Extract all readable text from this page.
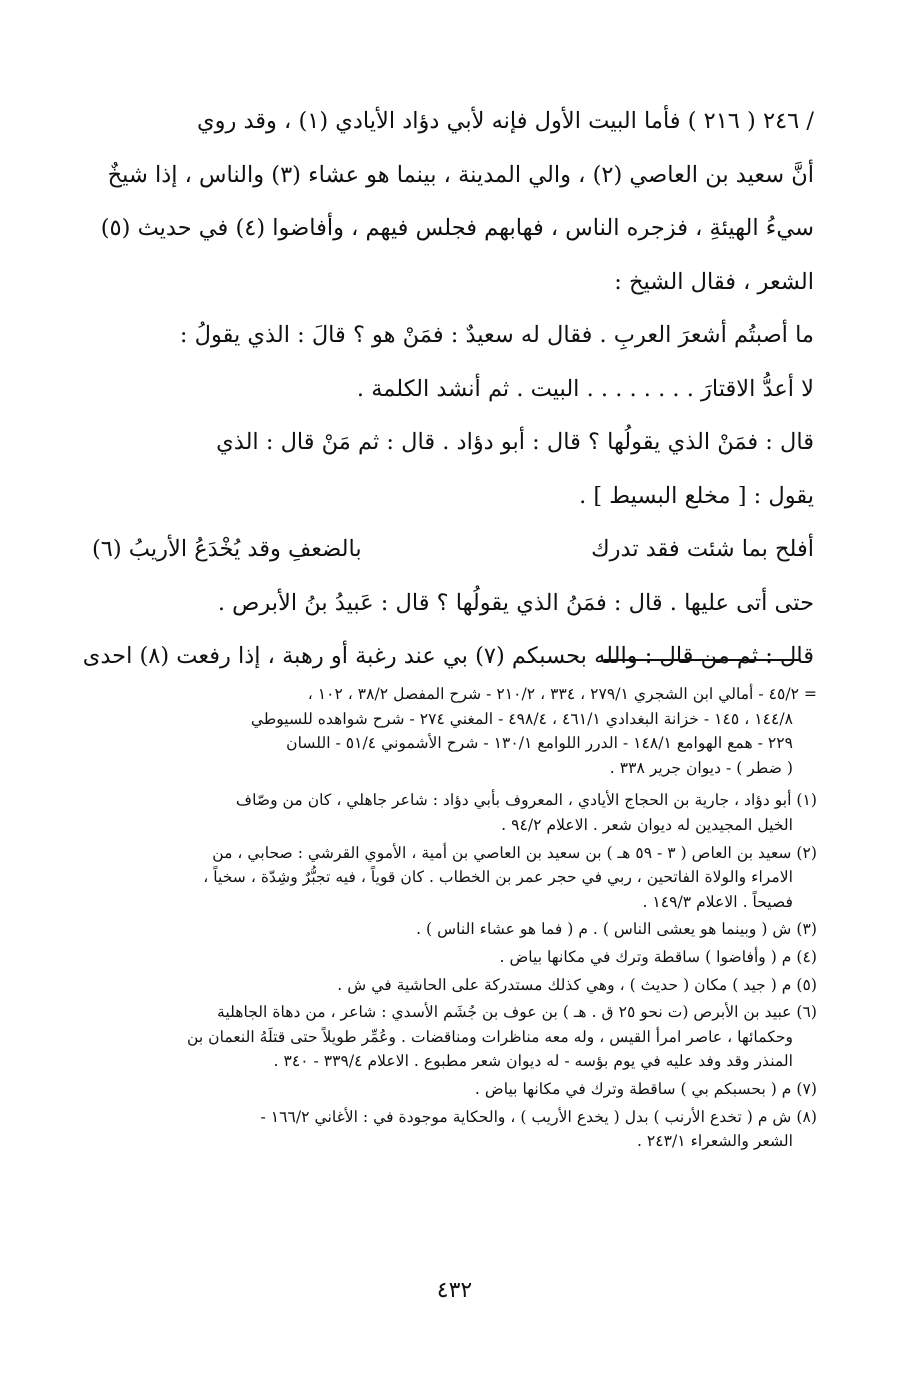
/ ٢٤٦ ( ٢١٦ ) فأما البيت الأول فإنه لأبي دؤاد الأيادي (١) ، وقد روي

أنَّ سعيد بن العاصي (٢) ، والي المدينة ، بينما هو عشاء (٣) والناس ، إذا شيخٌ

سيءُ الهيئةِ ، فزجره الناس ، فهابهم فجلس فيهم ، وأفاضوا (٤) في حديث (٥)

الشعر ، فقال الشيخ :

ما أصبتُم أشعرَ العربِ . فقال له سعيدٌ : فمَنْ هو ؟ قالَ : الذي يقولُ :

لا أعدُّ الاقتارَ . . . . . . . . البيت . ثم أنشد الكلمة .

قال : فمَنْ الذي يقولُها ؟ قال : أبو دؤاد . قال : ثم مَنْ قال : الذي

يقول : [ مخلع البسيط ] .

أفلح بما شئت فقد تدرك
بالضعفِ وقد يُخْدَعُ الأريبُ (٦)

حتى أتى عليها . قال : فمَنُ الذي يقولُها ؟ قال : عَبيدُ بنُ الأبرص .

قال : ثم من قال : والله بحسبكم (٧) بي عند رغبة أو رهبة ، إذا رفعت (٨) احدى

= ٤٥/٢ - أمالي ابن الشجري ٢٧٩/١ ، ٣٣٤ ، ٢١٠/٢ - شرح المفصل ٣٨/٢ ، ١٠٢ ،

١٤٤/٨ ، ١٤٥ - خزانة البغدادي ٤٦١/١ ، ٤٩٨/٤ - المغني ٢٧٤ - شرح شواهده للسيوطي

٢٢٩ - همع الهوامع ١٤٨/١ - الدرر اللوامع ١٣٠/١ - شرح الأشموني ٥١/٤ - اللسان

( ضطر ) - ديوان جرير ٣٣٨ .

(١) أبو دؤاد ، جارية بن الحجاج الأيادي ، المعروف بأبي دؤاد : شاعر جاهلي ، كان من وصّاف

الخيل المجيدين له ديوان شعر . الاعلام ٩٤/٢ .

(٢) سعيد بن العاص ( ٣ - ٥٩ هـ ) بن سعيد بن العاصي بن أمية ، الأموي القرشي : صحابي ، من

الامراء والولاة الفاتحين ، ربي في حجر عمر بن الخطاب . كان قوياً ، فيه تجبُّرٌ وشِدّة ، سخياً ،

فصيحاً . الاعلام ١٤٩/٣ .

(٣) ش ( وبينما هو يعشى الناس ) . م ( فما هو عشاء الناس ) .

(٤) م ( وأفاضوا ) ساقطة وترك في مكانها بياض .

(٥) م ( جيد ) مكان ( حديث ) ، وهي كذلك مستدركة على الحاشية في ش .

(٦) عبيد بن الأبرص (ت نحو ٢٥ ق . هـ ) بن عوف بن جُشَم الأسدي : شاعر ، من دهاة الجاهلية

وحكمائها ، عاصر امرأ القيس ، وله معه مناظرات ومناقضات . وعُمِّر طويلاً حتى قتلَهُ النعمان بن

المنذر وقد وفد عليه في يوم بؤسه - له ديوان شعر مطبوع . الاعلام ٣٣٩/٤ - ٣٤٠ .

(٧) م ( بحسبكم بي ) ساقطة وترك في مكانها بياض .

(٨) ش م ( تخدع الأرنب ) بدل ( يخدع الأريب ) ، والحكاية موجودة في : الأغاني ١٦٦/٢ -

الشعر والشعراء ٢٤٣/١ .

٤٣٢
